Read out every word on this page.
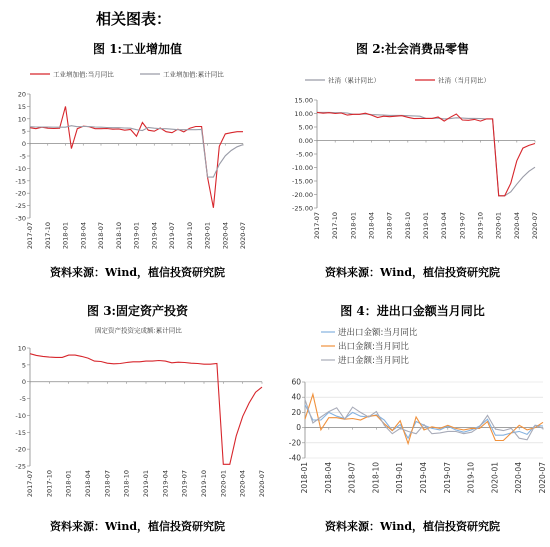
相关图表：
图 1:工业增加值
20
15
10
5
0
-5
-10
-15
-20
-25
-30
2017-07 2017-10 2018-01 2018-04 2018-07 2018-10 2019-01 2019-04 2019-07 2019-10 2020-01 2020-04 2020-07
工业增加值:当月同比	工业增加值:累计同比
资料来源：Wind，植信投资研究院
图 2:社会消费品零售
15.00
10.00
5.00
0.00
-5.00
-10.00
-15.00
-20.00
-25.00
2017-07 2017-10 2018-01 2018-04 2018-07 2018-10 2019-01 2019-04 2019-07 2019-10 2020-01 2020-04 2020-07
社消（累计同比）	社消（当月同比）
资料来源：Wind，植信投资研究院
图 3:固定资产投资
10
5
0
-5
-10
-15
-20
-25
2017-07 2017-10 2018-01 2018-04 2018-07 2018-10 2019-01 2019-04 2019-07 2019-10 2020-01 2020-04 2020-07
固定资产投资完成额:累计同比
资料来源：Wind，植信投资研究院
图 4：进出口金额当月同比
60
40
20
0
-20
-40
2018-01 2018-04 2018-07 2018-10 2019-01 2019-04 2019-07 2019-10 2020-01 2020-04 2020-07
进出口金额:当月同比
出口金额:当月同比
进口金额:当月同比
资料来源：Wind，植信投资研究院
